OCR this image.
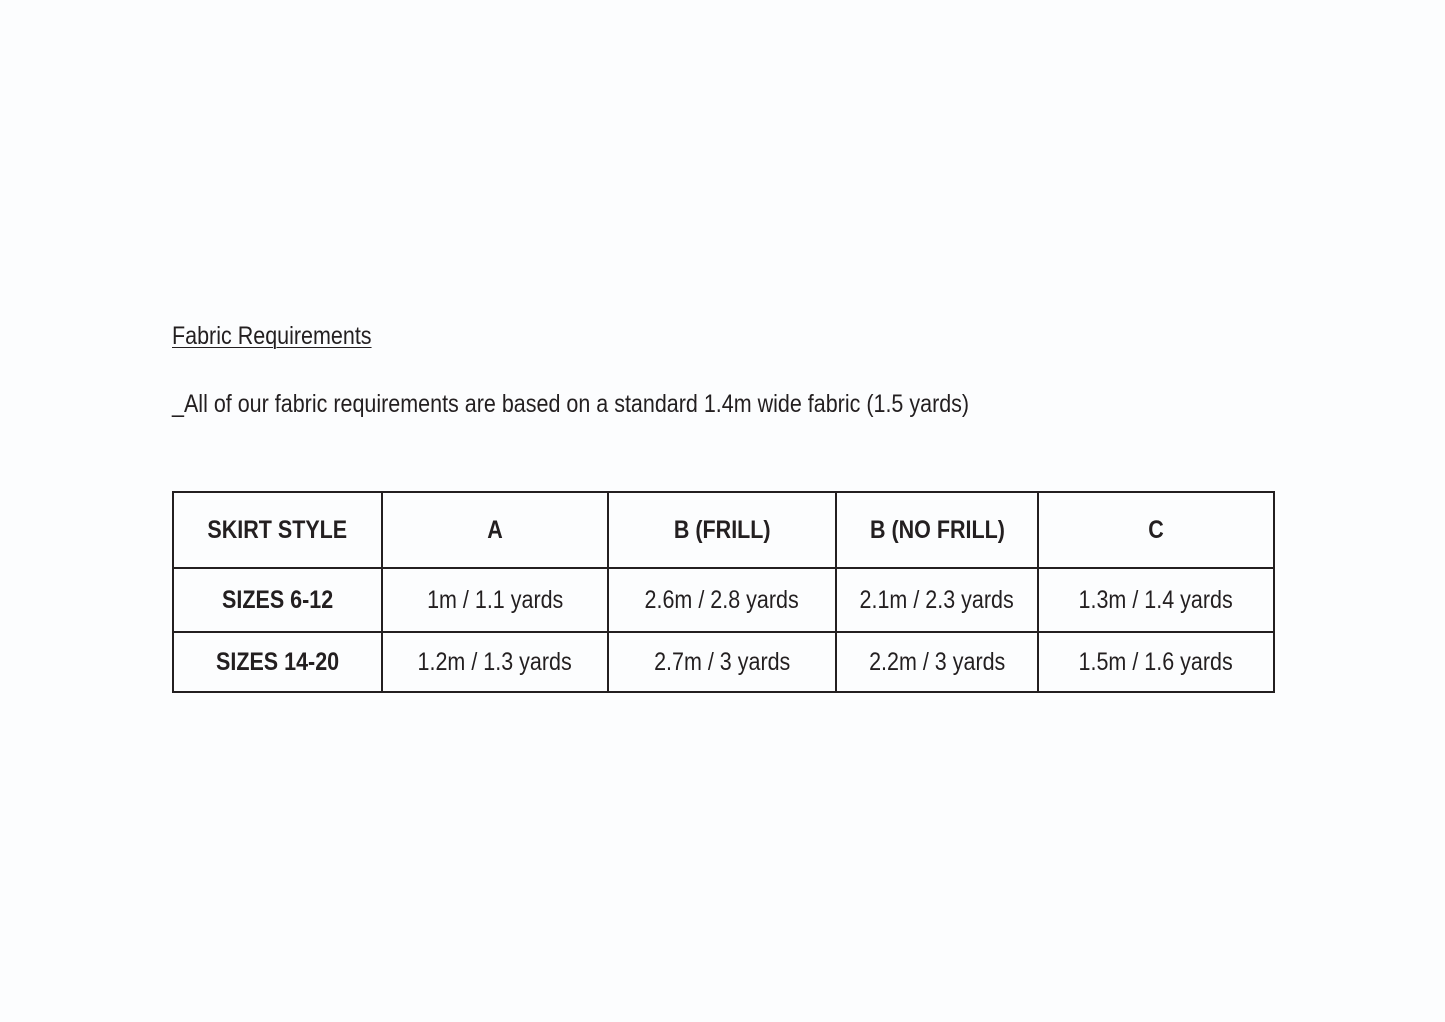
Fabric Requirements
_All of our fabric requirements are based on a standard 1.4m wide fabric (1.5 yards)
SKIRT STYLE	A	B (FRILL)	B (NO FRILL)	C
SIZES 6-12	1m / 1.1 yards	2.6m / 2.8 yards	2.1m / 2.3 yards	1.3m / 1.4 yards
SIZES 14-20	1.2m / 1.3 yards	2.7m / 3 yards	2.2m / 3 yards	1.5m / 1.6 yards
